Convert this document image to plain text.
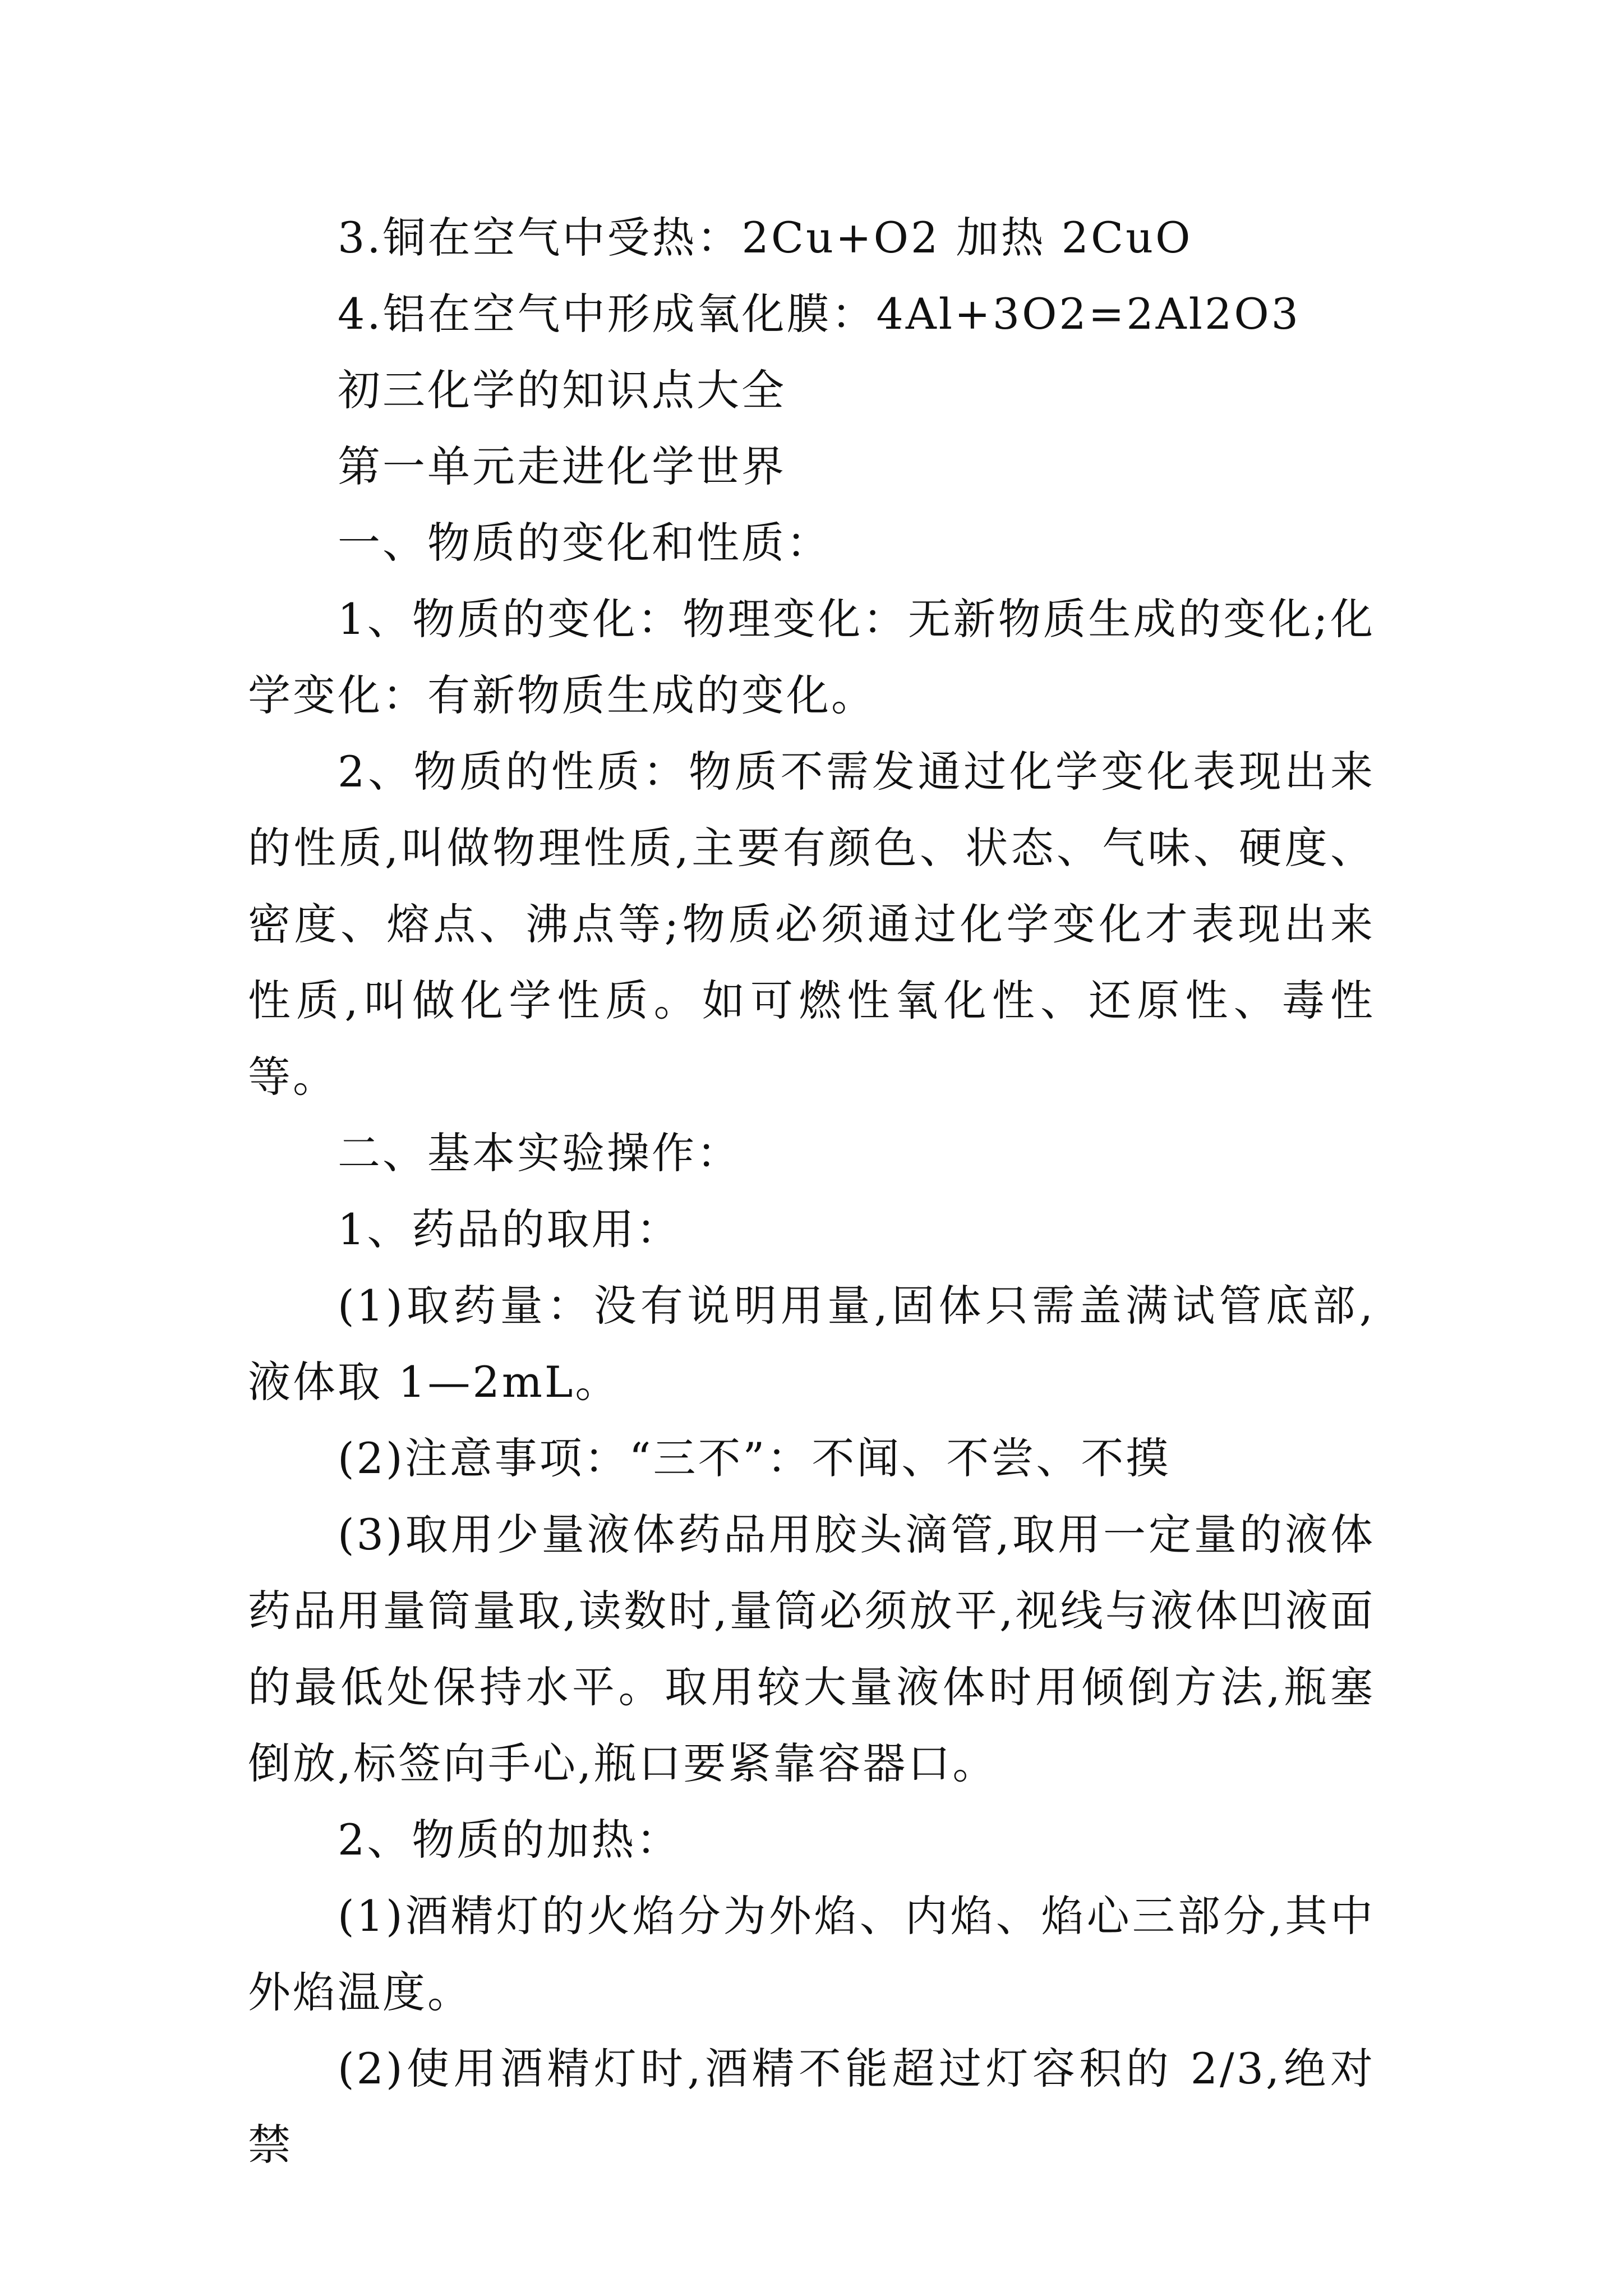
3.铜在空气中受热：2Cu+O2 加热 2CuO

4.铝在空气中形成氧化膜：4Al+3O2=2Al2O3

初三化学的知识点大全

第一单元走进化学世界

一、物质的变化和性质：

1、物质的变化：物理变化：无新物质生成的变化;化学变化：有新物质生成的变化。

2、物质的性质：物质不需发通过化学变化表现出来的性质,叫做物理性质,主要有颜色、状态、气味、硬度、密度、熔点、沸点等;物质必须通过化学变化才表现出来性质,叫做化学性质。如可燃性氧化性、还原性、毒性等。

二、基本实验操作：

1、药品的取用：

(1)取药量：没有说明用量,固体只需盖满试管底部,液体取 1—2mL。

(2)注意事项：“三不”：不闻、不尝、不摸

(3)取用少量液体药品用胶头滴管,取用一定量的液体药品用量筒量取,读数时,量筒必须放平,视线与液体凹液面的最低处保持水平。取用较大量液体时用倾倒方法,瓶塞倒放,标签向手心,瓶口要紧靠容器口。

2、物质的加热：

(1)酒精灯的火焰分为外焰、内焰、焰心三部分,其中外焰温度。

(2)使用酒精灯时,酒精不能超过灯容积的 2/3,绝对禁
